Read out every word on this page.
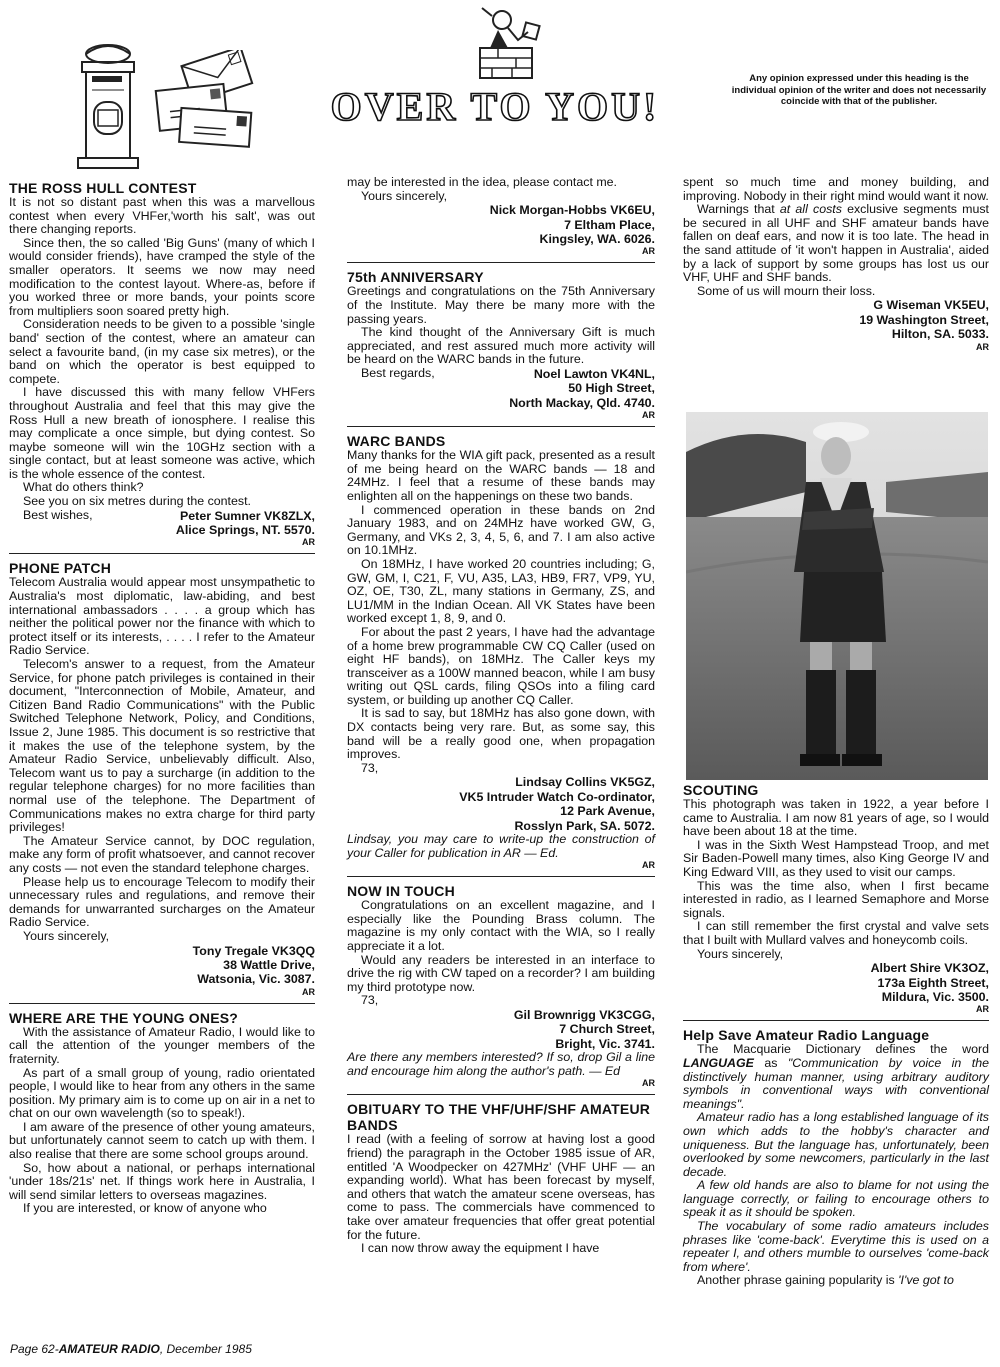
OVER TO YOU!
Any opinion expressed under this heading is the individual opinion of the writer and does not necessarily coincide with that of the publisher.
THE ROSS HULL CONTEST

It is not so distant past when this was a marvellous contest when every VHFer,'worth his salt', was out there changing reports.

Since then, the so called 'Big Guns' (many of which I would consider friends), have cramped the style of the smaller operators. It seems we now may need modification to the contest layout. Where-as, before if you worked three or more bands, your points score from multipliers soon soared pretty high.

Consideration needs to be given to a possible 'single band' section of the contest, where an amateur can select a favourite band, (in my case six metres), or the band on which the operator is best equipped to compete.

I have discussed this with many fellow VHFers throughout Australia and feel that this may give the Ross Hull a new breath of ionosphere. I realise this may complicate a once simple, but dying contest. So maybe someone will win the 10GHz section with a single contact, but at least someone was active, which is the whole essence of the contest.

What do others think?

See you on six metres during the contest.

Best wishes,	Peter Sumner VK8ZLX,
Alice Springs, NT. 5570.
AR
PHONE PATCH

Telecom Australia would appear most unsympathetic to Australia's most diplomatic, law-abiding, and best international ambassadors . . . . a group which has neither the political power nor the finance with which to protect itself or its interests, . . . . I refer to the Amateur Radio Service.

Telecom's answer to a request, from the Amateur Service, for phone patch privileges is contained in their document, "Interconnection of Mobile, Amateur, and Citizen Band Radio Communications" with the Public Switched Telephone Network, Policy, and Conditions, Issue 2, June 1985. This document is so restrictive that it makes the use of the telephone system, by the Amateur Radio Service, unbelievably difficult. Also, Telecom want us to pay a surcharge (in addition to the regular telephone charges) for no more facilities than normal use of the telephone. The Department of Communications makes no extra charge for third party privileges!

The Amateur Service cannot, by DOC regulation, make any form of profit whatsoever, and cannot recover any costs — not even the standard telephone charges.

Please help us to encourage Telecom to modify their unnecessary rules and regulations, and remove their demands for unwarranted surcharges on the Amateur Radio Service.

Yours sincerely,
Tony Tregale VK3QQ
38 Wattle Drive,
Watsonia, Vic. 3087.
AR
WHERE ARE THE YOUNG ONES?

With the assistance of Amateur Radio, I would like to call the attention of the younger members of the fraternity.

As part of a small group of young, radio orientated people, I would like to hear from any others in the same position. My primary aim is to come up on air in a net to chat on our own wavelength (so to speak!).

I am aware of the presence of other young amateurs, but unfortunately cannot seem to catch up with them. I also realise that there are some school groups around.

So, how about a national, or perhaps international 'under 18s/21s' net. If things work here in Australia, I will send similar letters to overseas magazines.

If you are interested, or know of anyone who

may be interested in the idea, please contact me.

Yours sincerely,
Nick Morgan-Hobbs VK6EU,
7 Eltham Place,
Kingsley, WA. 6026.
AR
75th ANNIVERSARY

Greetings and congratulations on the 75th Anniversary of the Institute. May there be many more with the passing years.

The kind thought of the Anniversary Gift is much appreciated, and rest assured much more activity will be heard on the WARC bands in the future.

Best regards,	Noel Lawton VK4NL,
50 High Street,
North Mackay, Qld. 4740.
AR
WARC BANDS

Many thanks for the WIA gift pack, presented as a result of me being heard on the WARC bands — 18 and 24MHz. I feel that a resume of these bands may enlighten all on the happenings on these two bands.

I commenced operation in these bands on 2nd January 1983, and on 24MHz have worked GW, G, Germany, and VKs 2, 3, 4, 5, 6, and 7. I am also active on 10.1MHz.

On 18MHz, I have worked 20 countries including; G, GW, GM, I, C21, F, VU, A35, LA3, HB9, FR7, VP9, YU, OZ, OE, T30, ZL, many stations in Germany, ZS, and LU1/MM in the Indian Ocean. All VK States have been worked except 1, 8, 9, and 0.

For about the past 2 years, I have had the advantage of a home brew programmable CW CQ Caller (used on eight HF bands), on 18MHz. The Caller keys my transceiver as a 100W manned beacon, while I am busy writing out QSL cards, filing QSOs into a filing card system, or building up another CQ Caller.

It is sad to say, but 18MHz has also gone down, with DX contacts being very rare. But, as some say, this band will be a really good one, when propagation improves.

73,
Lindsay Collins VK5GZ,
VK5 Intruder Watch Co-ordinator,
12 Park Avenue,
Rosslyn Park, SA. 5072.

Lindsay, you may care to write-up the construction of your Caller for publication in AR — Ed.

AR
NOW IN TOUCH

Congratulations on an excellent magazine, and I especially like the Pounding Brass column. The magazine is my only contact with the WIA, so I really appreciate it a lot.

Would any readers be interested in an interface to drive the rig with CW taped on a recorder? I am building my third prototype now.

73,
Gil Brownrigg VK3CGG,
7 Church Street,
Bright, Vic. 3741.

Are there any members interested? If so, drop Gil a line and encourage him along the author's path. — Ed

AR
OBITUARY TO THE VHF/UHF/SHF AMATEUR BANDS

I read (with a feeling of sorrow at having lost a good friend) the paragraph in the October 1985 issue of AR, entitled 'A Woodpecker on 427MHz' (VHF UHF — an expanding world). What has been forecast by myself, and others that watch the amateur scene overseas, has come to pass. The commercials have commenced to take over amateur frequencies that offer great potential for the future.

I can now throw away the equipment I have

spent so much time and money building, and improving. Nobody in their right mind would want it now.

Warnings that at all costs exclusive segments must be secured in all UHF and SHF amateur bands have fallen on deaf ears, and now it is too late. The head in the sand attitude of 'it won't happen in Australia', aided by a lack of support by some groups has lost us our VHF, UHF and SHF bands.

Some of us will mourn their loss.

G Wiseman VK5EU,
19 Washington Street,
Hilton, SA. 5033.
AR
SCOUTING

This photograph was taken in 1922, a year before I came to Australia. I am now 81 years of age, so I would have been about 18 at the time.

I was in the Sixth West Hampstead Troop, and met Sir Baden-Powell many times, also King George IV and King Edward VIII, as they used to visit our camps.

This was the time also, when I first became interested in radio, as I learned Semaphore and Morse signals.

I can still remember the first crystal and valve sets that I built with Mullard valves and honeycomb coils.

Yours sincerely,
Albert Shire VK3OZ,
173a Eighth Street,
Mildura, Vic. 3500.
AR
Help Save Amateur Radio Language

The Macquarie Dictionary defines the word LANGUAGE as "Communication by voice in the distinctively human manner, using arbitrary auditory symbols in conventional ways with conventional meanings".

Amateur radio has a long established language of its own which adds to the hobby's character and uniqueness. But the language has, unfortunately, been overlooked by some newcomers, particularly in the last decade.

A few old hands are also to blame for not using the language correctly, or failing to encourage others to speak it as it should be spoken.

The vocabulary of some radio amateurs includes phrases like 'come-back'. Everytime this is used on a repeater I, and others mumble to ourselves 'come-back from where'.

Another phrase gaining popularity is 'I've got to

Page 62-AMATEUR RADIO, December 1985
